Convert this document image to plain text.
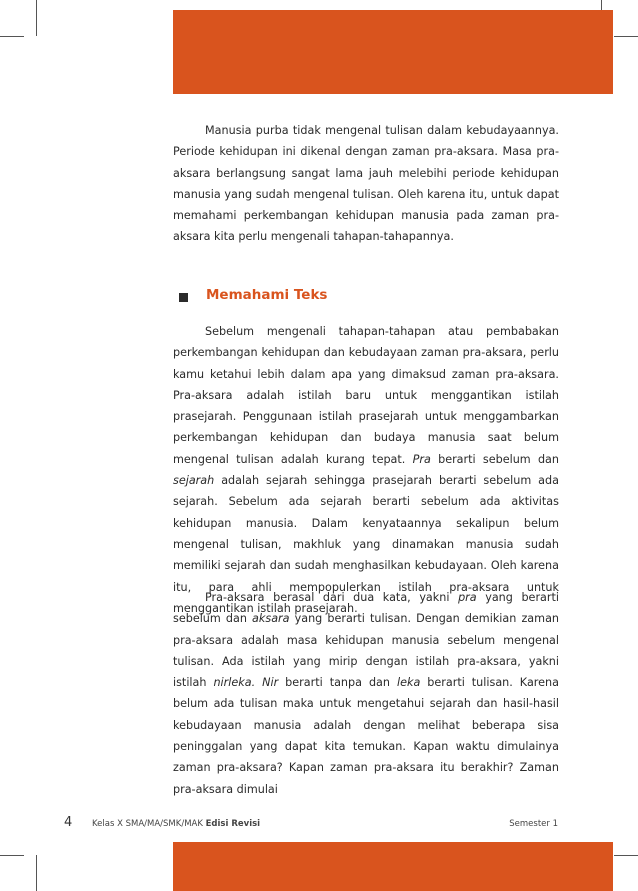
Manusia purba tidak mengenal tulisan dalam kebudayaannya. Periode kehidupan ini dikenal dengan zaman pra-aksara. Masa pra-aksara berlangsung sangat lama jauh melebihi periode kehidupan manusia yang sudah mengenal tulisan. Oleh karena itu, untuk dapat memahami perkembangan kehidupan manusia pada zaman pra-aksara kita perlu mengenali tahapan-tahapannya.

Memahami Teks

Sebelum mengenali tahapan-tahapan atau pembabakan perkembangan kehidupan dan kebudayaan zaman pra-aksara, perlu kamu ketahui lebih dalam apa yang dimaksud zaman pra-aksara. Pra-aksara adalah istilah baru untuk menggantikan istilah prasejarah. Penggunaan istilah prasejarah untuk menggambarkan perkembangan kehidupan dan budaya manusia saat belum mengenal tulisan adalah kurang tepat. Pra berarti sebelum dan sejarah adalah sejarah sehingga prasejarah berarti sebelum ada sejarah. Sebelum ada sejarah berarti sebelum ada aktivitas kehidupan manusia. Dalam kenyataannya sekalipun belum mengenal tulisan, makhluk yang dinamakan manusia sudah memiliki sejarah dan sudah menghasilkan kebudayaan. Oleh karena itu, para ahli mempopulerkan istilah pra-aksara untuk menggantikan istilah prasejarah.

Pra-aksara berasal dari dua kata, yakni pra yang berarti sebelum dan aksara yang berarti tulisan. Dengan demikian zaman pra-aksara adalah masa kehidupan manusia sebelum mengenal tulisan. Ada istilah yang mirip dengan istilah pra-aksara, yakni istilah nirleka. Nir berarti tanpa dan leka berarti tulisan. Karena belum ada tulisan maka untuk mengetahui sejarah dan hasil-hasil kebudayaan manusia adalah dengan melihat beberapa sisa peninggalan yang dapat kita temukan. Kapan waktu dimulainya zaman pra-aksara? Kapan zaman pra-aksara itu berakhir? Zaman pra-aksara dimulai

4 Kelas X SMA/MA/SMK/MAK Edisi Revisi	Semester 1
